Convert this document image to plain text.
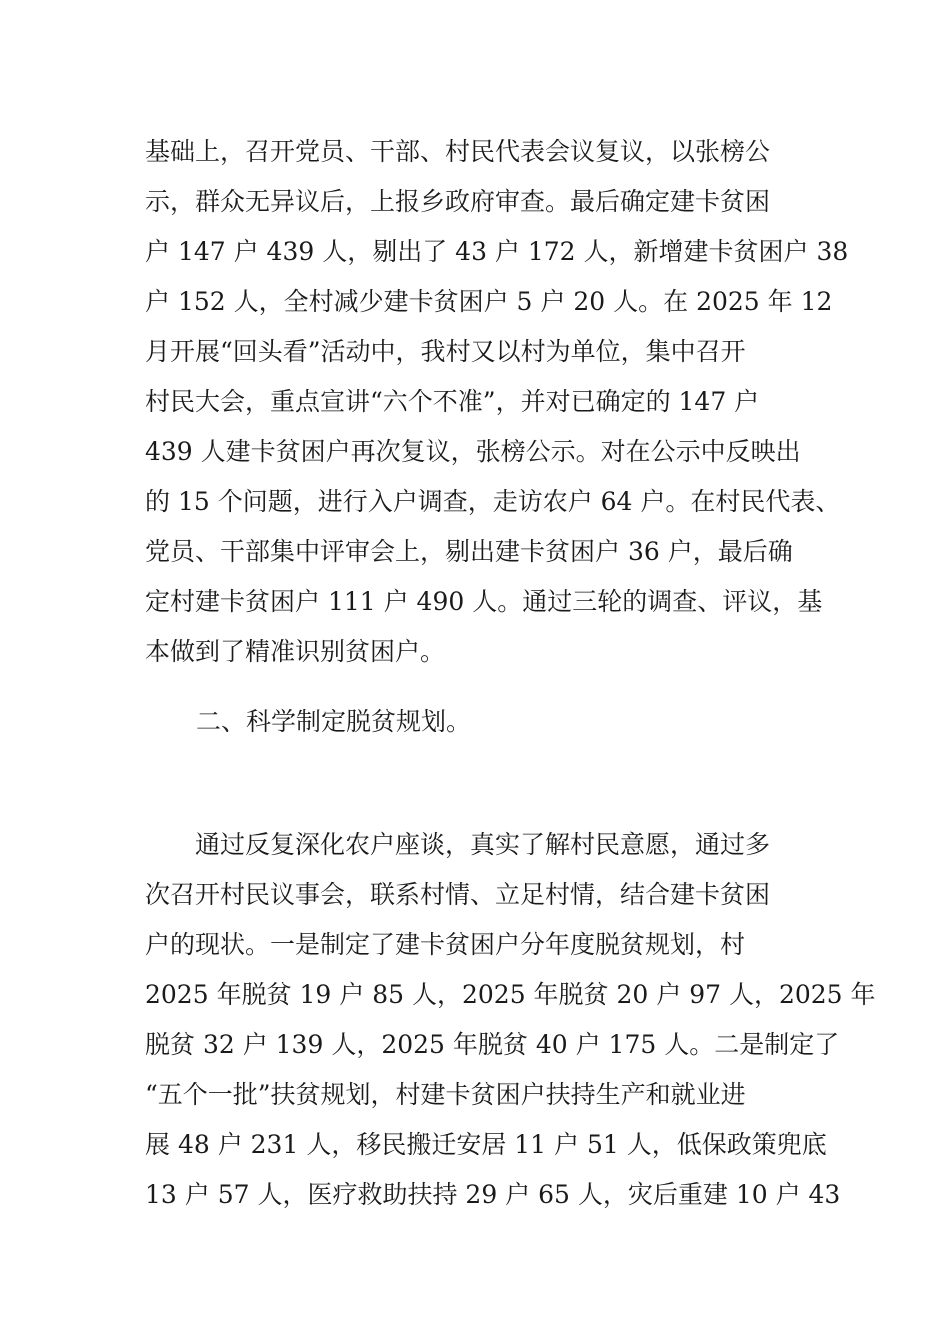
基础上，召开党员、干部、村民代表会议复议，以张榜公
示，群众无异议后，上报乡政府审查。最后确定建卡贫困
户 147 户 439 人，剔出了 43 户 172 人，新增建卡贫困户 38
户 152 人，全村减少建卡贫困户 5 户 20 人。在 2025 年 12
月开展“回头看”活动中，我村又以村为单位，集中召开
村民大会，重点宣讲“六个不准”，并对已确定的 147 户
439 人建卡贫困户再次复议，张榜公示。对在公示中反映出
的 15 个问题，进行入户调查，走访农户 64 户。在村民代表、
党员、干部集中评审会上，剔出建卡贫困户 36 户，最后确
定村建卡贫困户 111 户 490 人。通过三轮的调查、评议，基
本做到了精准识别贫困户。
二、科学制定脱贫规划。
　　通过反复深化农户座谈，真实了解村民意愿，通过多
次召开村民议事会，联系村情、立足村情，结合建卡贫困
户的现状。一是制定了建卡贫困户分年度脱贫规划，村
2025 年脱贫 19 户 85 人，2025 年脱贫 20 户 97 人，2025 年
脱贫 32 户 139 人，2025 年脱贫 40 户 175 人。二是制定了
“五个一批”扶贫规划，村建卡贫困户扶持生产和就业进
展 48 户 231 人，移民搬迁安居 11 户 51 人，低保政策兜底
13 户 57 人，医疗救助扶持 29 户 65 人，灾后重建 10 户 43
